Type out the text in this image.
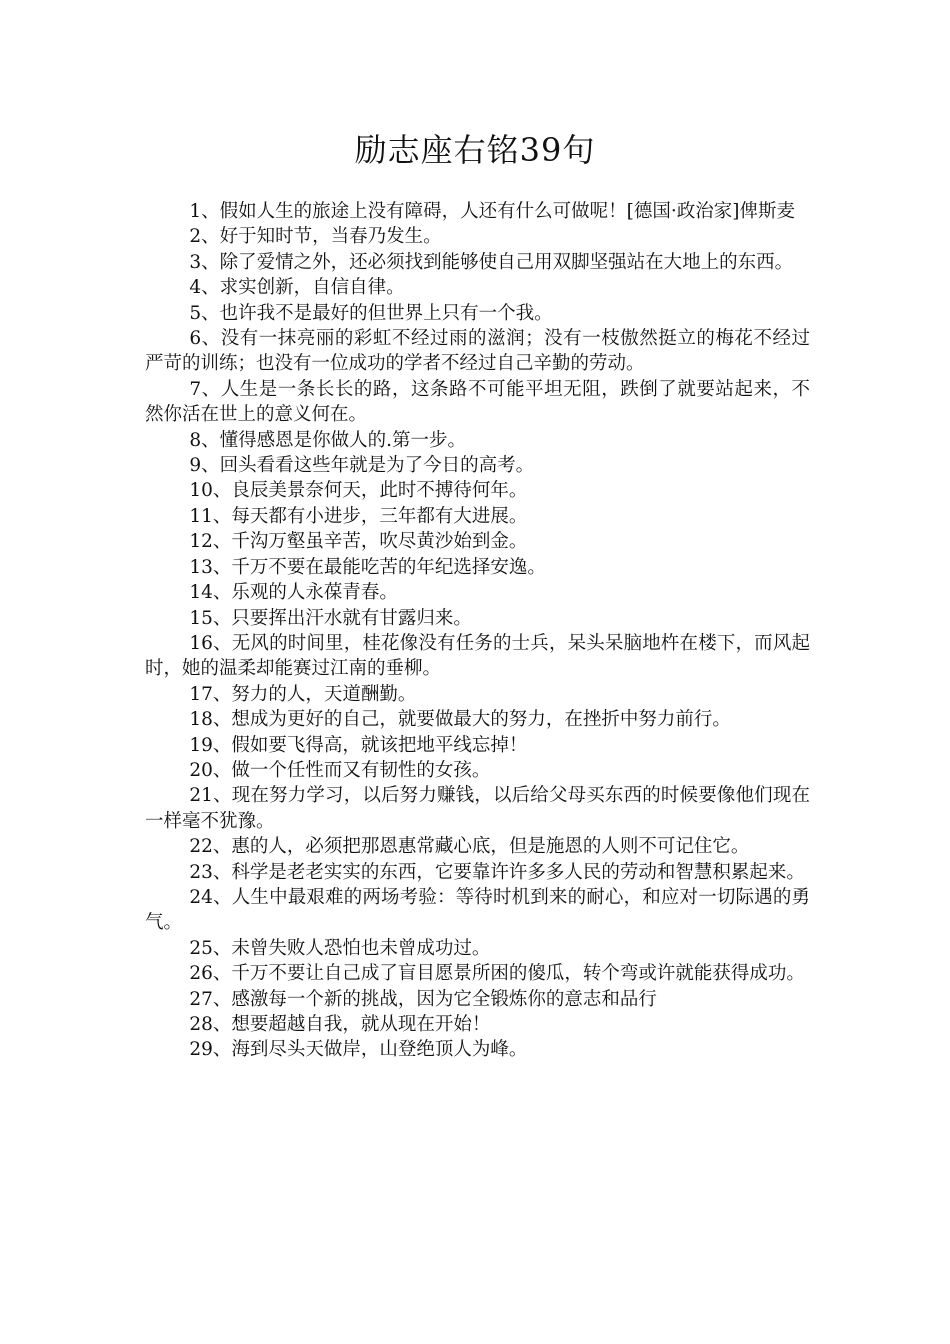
励志座右铭39句

1、假如人生的旅途上没有障碍，人还有什么可做呢！[德国·政治家]俾斯麦

2、好于知时节，当春乃发生。

3、除了爱情之外，还必须找到能够使自己用双脚坚强站在大地上的东西。

4、求实创新，自信自律。

5、也许我不是最好的但世界上只有一个我。

6、没有一抹亮丽的彩虹不经过雨的滋润；没有一枝傲然挺立的梅花不经过严苛的训练；也没有一位成功的学者不经过自己辛勤的劳动。

7、人生是一条长长的路，这条路不可能平坦无阻，跌倒了就要站起来，不然你活在世上的意义何在。

8、懂得感恩是你做人的.第一步。

9、回头看看这些年就是为了今日的高考。

10、良辰美景奈何天，此时不搏待何年。

11、每天都有小进步，三年都有大进展。

12、千沟万壑虽辛苦，吹尽黄沙始到金。

13、千万不要在最能吃苦的年纪选择安逸。

14、乐观的人永葆青春。

15、只要挥出汗水就有甘露归来。

16、无风的时间里，桂花像没有任务的士兵，呆头呆脑地杵在楼下，而风起时，她的温柔却能赛过江南的垂柳。

17、努力的人，天道酬勤。

18、想成为更好的自己，就要做最大的努力，在挫折中努力前行。

19、假如要飞得高，就该把地平线忘掉！

20、做一个任性而又有韧性的女孩。

21、现在努力学习，以后努力赚钱，以后给父母买东西的时候要像他们现在一样毫不犹豫。

22、惠的人，必须把那恩惠常藏心底，但是施恩的人则不可记住它。

23、科学是老老实实的东西，它要靠许许多多人民的劳动和智慧积累起来。

24、人生中最艰难的两场考验：等待时机到来的耐心，和应对一切际遇的勇气。

25、未曾失败人恐怕也未曾成功过。

26、千万不要让自己成了盲目愿景所困的傻瓜，转个弯或许就能获得成功。

27、感激每一个新的挑战，因为它全锻炼你的意志和品行

28、想要超越自我，就从现在开始！

29、海到尽头天做岸，山登绝顶人为峰。
